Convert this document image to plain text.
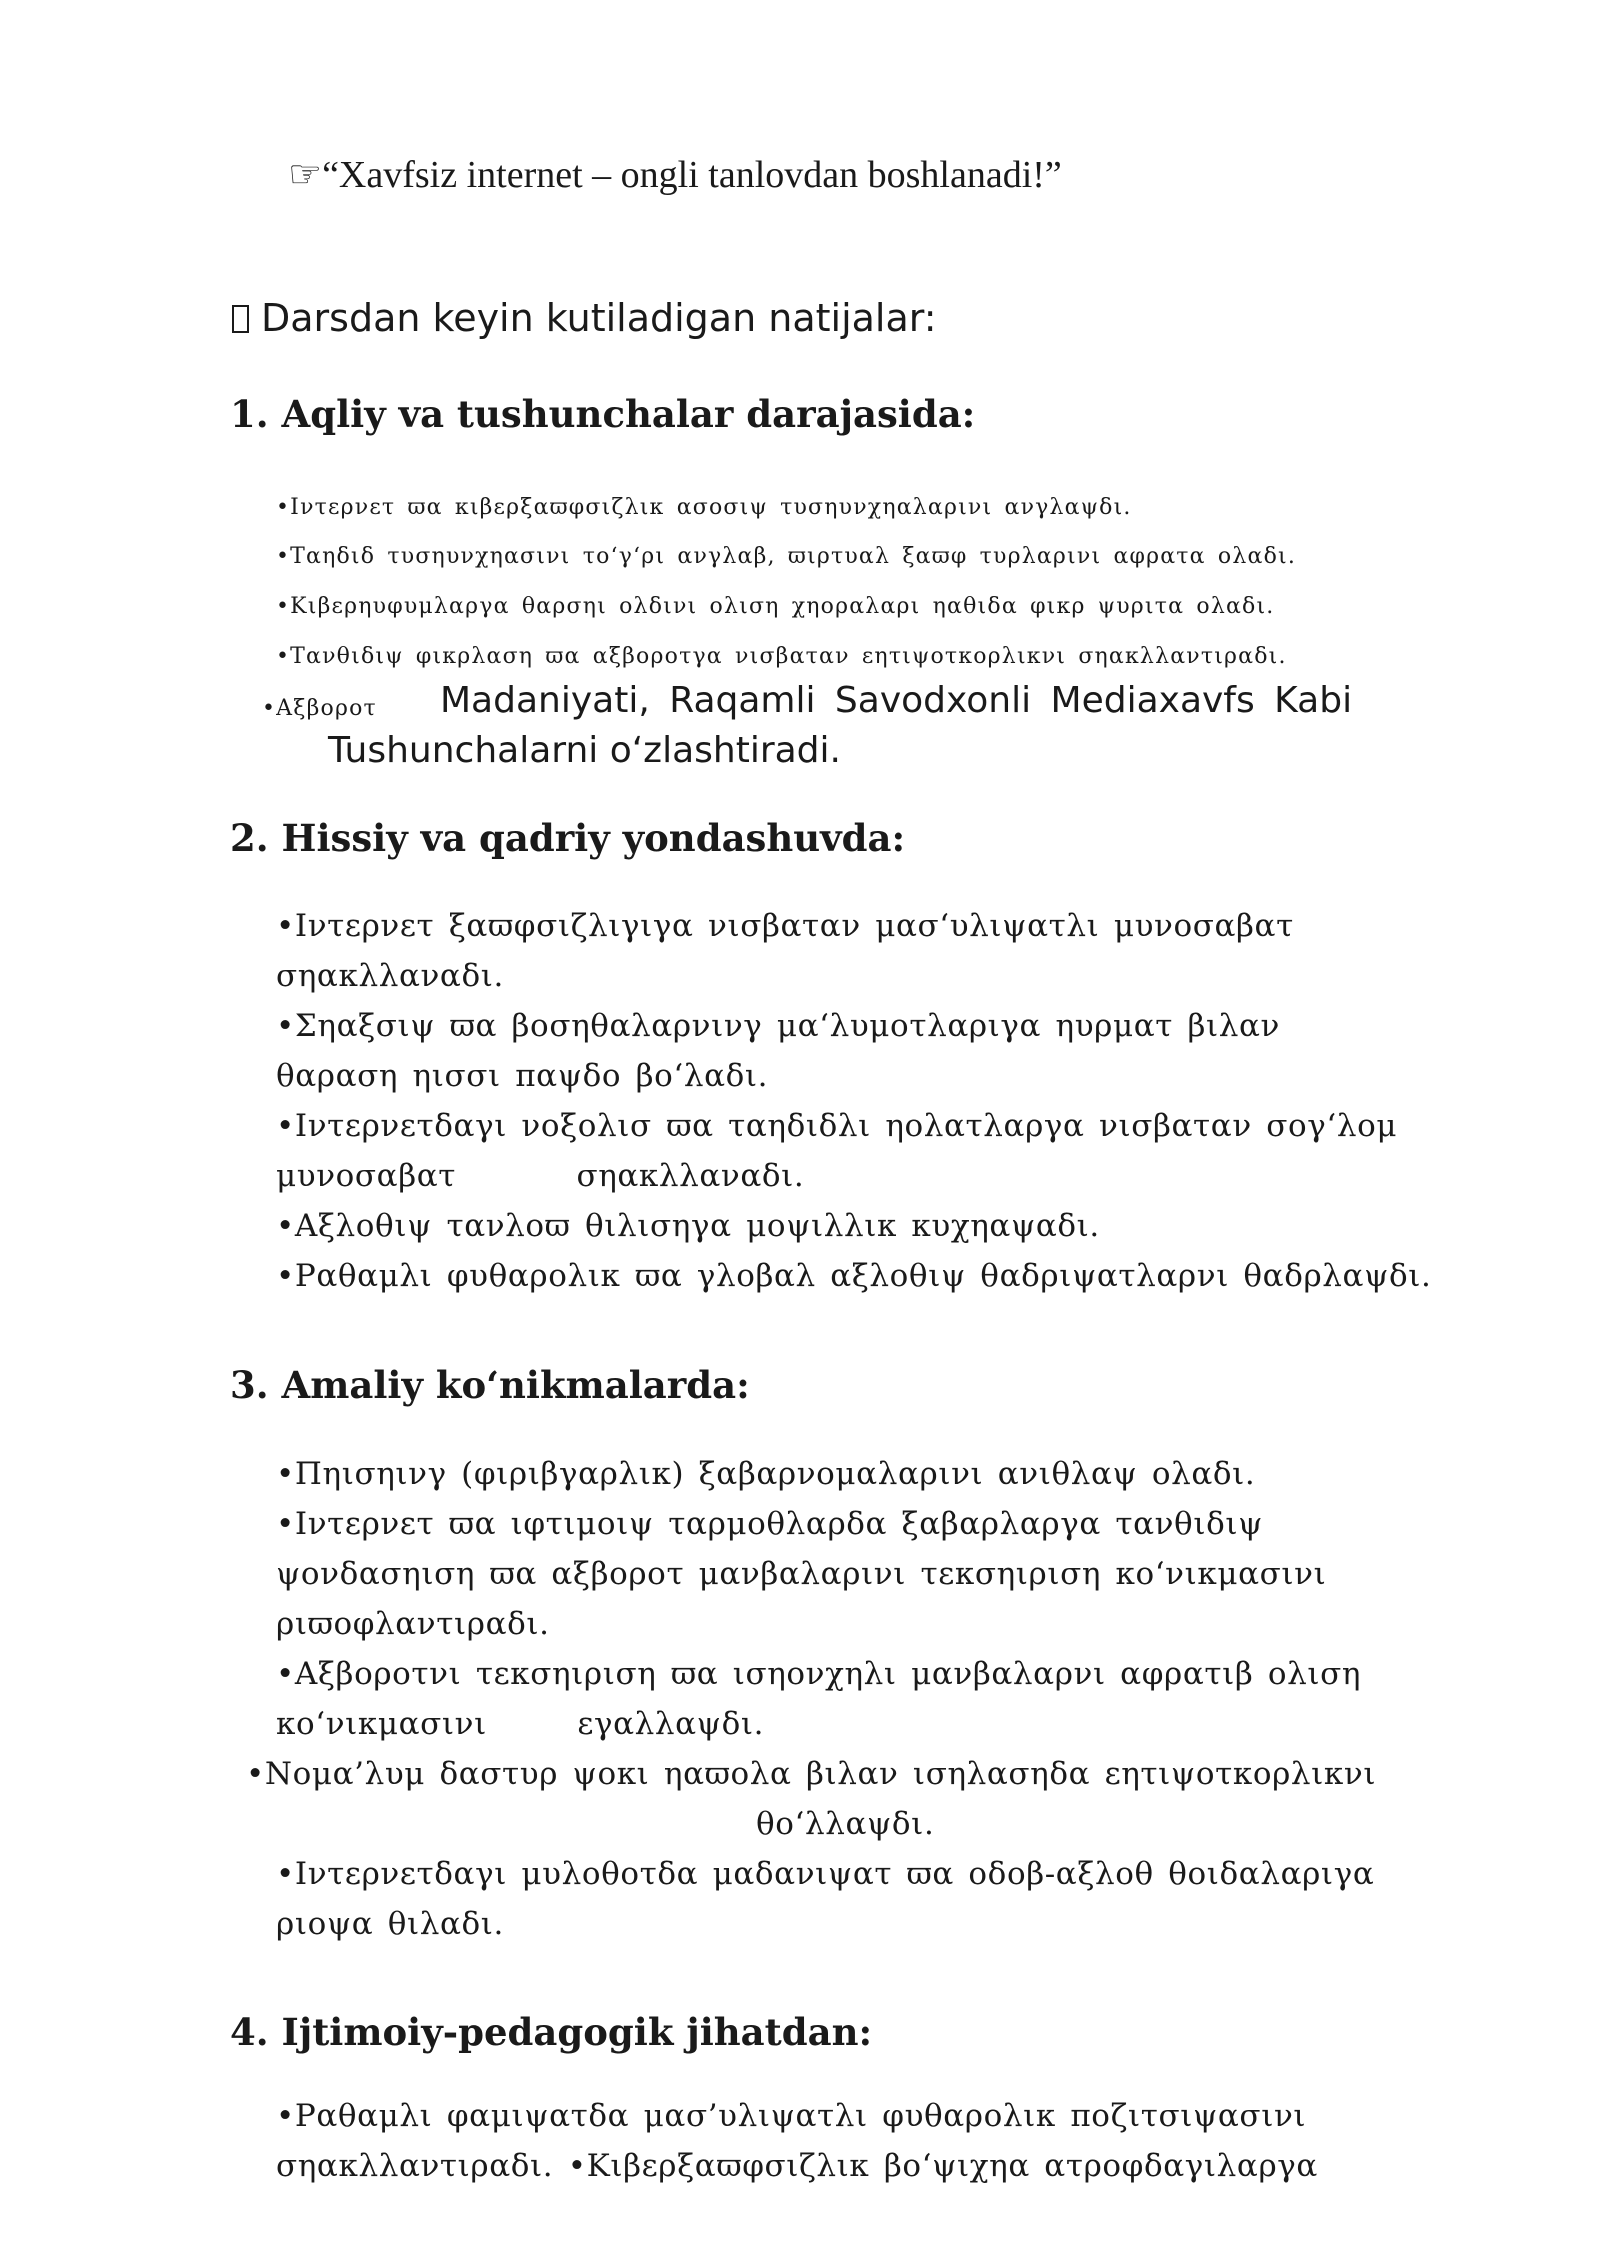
☞“Xavfsiz internet – ongli tanlovdan boshlanadi!”
Darsdan keyin kutiladigan natijalar:
1. Aqliy va tushunchalar darajasida:
•Ιντερνετ ϖα κιβερξαϖφσιζλικ ασοσιψ τυσηυνχηαλαρινι ανγλαψδι.
•Ταηδιδ τυσηυνχηασινι το‘γ‘ρι ανγλαβ, ϖιρτυαλ ξαϖφ τυρλαρινι αφρατα ολαδι.
•Κιβερηυφυμλαργα θαρσηι ολδινι ολιση χηοραλαρι ηαθιδα φικρ ψυριτα ολαδι.
•Τανθιδιψ φικρλαση ϖα αξβοροτγα νισβαταν εητιψοτκορλικνι σηακλλαντιραδι.
•Αξβοροτ Madaniyati, Raqamli Savodxonli Mediaxavfs Kabi
Tushunchalarni oʻzlashtiradi.
2. Hissiy va qadriy yondashuvda:
•Ιντερνετ ξαϖφσιζλιγιγα νισβαταν μασ‘υλιψατλι μυνοσαβατ
σηακλλαναδι.
•Σηαξσιψ ϖα βοσηθαλαρνινγ μα‘λυμοτλαριγα ηυρματ βιλαν
θαραση ηισσι παψδο βο‘λαδι.
•Ιντερνετδαγι νοξολισ ϖα ταηδιδλι ηολατλαργα νισβαταν σογ‘λομ
μυνοσαβατ σηακλλαναδι.
•Αξλοθιψ τανλοϖ θιλισηγα μοψιλλικ κυχηαψαδι.
•Ραθαμλι φυθαρολικ ϖα γλοβαλ αξλοθιψ θαδριψατλαρνι θαδρλαψδι.
3. Amaliy koʻnikmalarda:
•Πηισηινγ (φιριβγαρλικ) ξαβαρνομαλαρινι ανιθλαψ ολαδι.
•Ιντερνετ ϖα ιφτιμοιψ ταρμοθλαρδα ξαβαρλαργα τανθιδιψ
ψονδασηιση ϖα αξβοροτ μανβαλαρινι τεκσηιριση κο‘νικμασινι
ριϖοφλαντιραδι.
•Αξβοροτνι τεκσηιριση ϖα ισηονχηλι μανβαλαρνι αφρατιβ ολιση
κο‘νικμασινι εγαλλαψδι.
•Νομα’λυμ δαστυρ ψοκι ηαϖολα βιλαν ισηλασηδα εητιψοτκορλικνι
θο‘λλαψδι.
•Ιντερνετδαγι μυλοθοτδα μαδανιψατ ϖα οδοβ-αξλοθ θοιδαλαριγα
ριοψα θιλαδι.
4. Ijtimoiy-pedagogik jihatdan:
•Ραθαμλι φαμιψατδα μασ’υλιψατλι φυθαρολικ ποζιτσιψασινι
σηακλλαντιραδι. •Κιβερξαϖφσιζλικ βο‘ψιχηα ατροφδαγιλαργα
